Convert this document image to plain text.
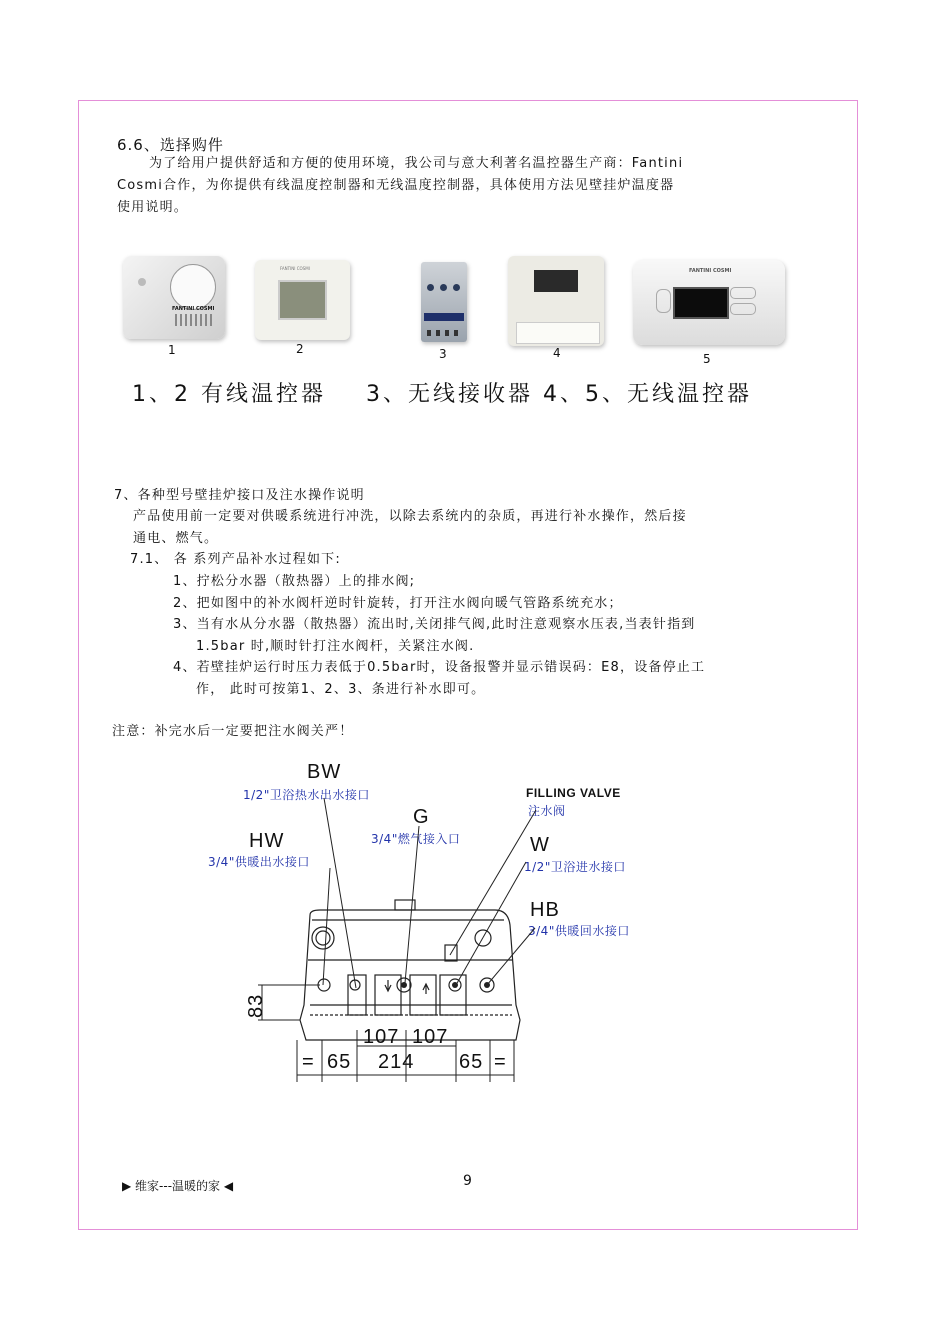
6.6、选择购件
为了给用户提供舒适和方便的使用环境，我公司与意大利著名温控器生产商：Fantini
Cosmi合作，为你提供有线温度控制器和无线温度控制器，具体使用方法见壁挂炉温度器
使用说明。
FANTINI COSMI
FANTINI COSMI	FANTINI COSMI
1	2	3	4	5
1、2 有线温控器    3、无线接收器 4、5、无线温控器
7、各种型号壁挂炉接口及注水操作说明
产品使用前一定要对供暖系统进行冲洗，以除去系统内的杂质，再进行补水操作，然后接
通电、燃气。
7.1、 各 系列产品补水过程如下:
1、拧松分水器（散热器）上的排水阀;
2、把如图中的补水阀杆逆时针旋转，打开注水阀向暖气管路系统充水；
3、当有水从分水器（散热器）流出时,关闭排气阀,此时注意观察水压表,当表针指到
1.5bar 时,顺时针打注水阀杆，关紧注水阀.
4、若壁挂炉运行时压力表低于0.5bar时，设备报警并显示错误码：E8，设备停止工
作， 此时可按第1、2、3、条进行补水即可。
注意：补完水后一定要把注水阀关严！
BW
1/2"卫浴热水出水接口
G
3/4"燃气接入口
HW
3/4"供暖出水接口
FILLING VALVE
注水阀
W
1/2"卫浴进水接口
HB
3/4"供暖回水接口
83
107 107
= 65 214 65 =
▶ 维家---温暖的家 ◀	9
